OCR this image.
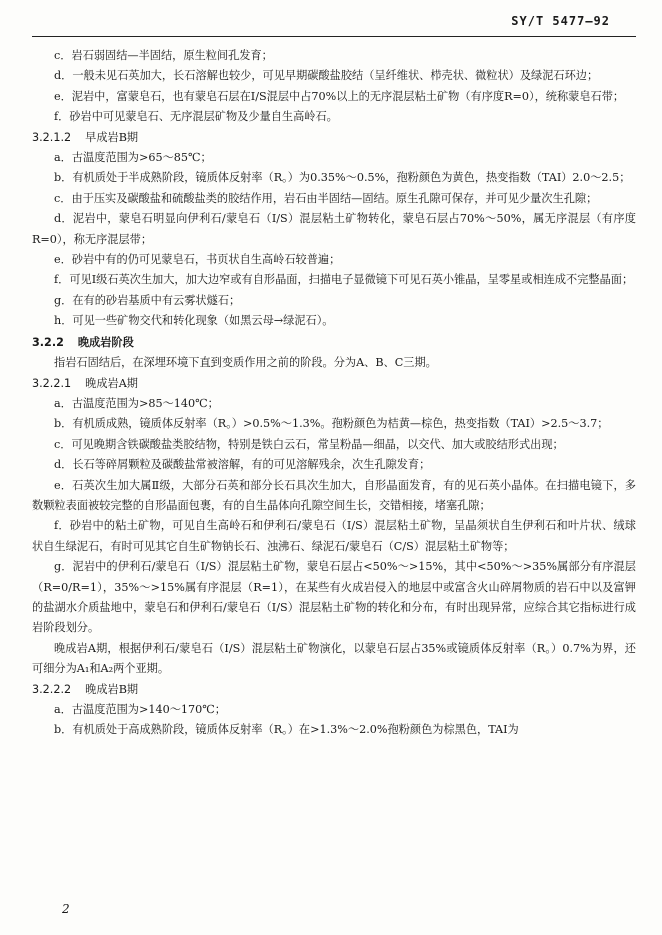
SY/T 5477—92

c．岩石弱固结—半固结，原生粒间孔发育；

d．一般未见石英加大，长石溶解也较少，可见早期碳酸盐胶结（呈纤维状、栉壳状、微粒状）及绿泥石环边；

e．泥岩中，富蒙皂石，也有蒙皂石层在I/S混层中占70%以上的无序混层粘土矿物（有序度R=0），统称蒙皂石带；

f．砂岩中可见蒙皂石、无序混层矿物及少量自生高岭石。

3.2.1.2 早成岩B期

a．古温度范围为>65～85℃；

b．有机质处于半成熟阶段，镜质体反射率（R。）为0.35%～0.5%，孢粉颜色为黄色，热变指数（TAI）2.0～2.5；

c．由于压实及碳酸盐和硫酸盐类的胶结作用，岩石由半固结—固结。原生孔隙可保存，并可见少量次生孔隙；

d．泥岩中，蒙皂石明显向伊利石/蒙皂石（I/S）混层粘土矿物转化，蒙皂石层占70%～50%，属无序混层（有序度R=0），称无序混层带；

e．砂岩中有的仍可见蒙皂石，书页状自生高岭石较普遍；

f．可见Ⅰ级石英次生加大，加大边窄或有自形晶面，扫描电子显微镜下可见石英小锥晶，呈零星或相连成不完整晶面；

g．在有的砂岩基质中有云雾状燧石；

h．可见一些矿物交代和转化现象（如黑云母→绿泥石）。

3.2.2 晚成岩阶段

指岩石固结后，在深埋环境下直到变质作用之前的阶段。分为A、B、C三期。

3.2.2.1 晚成岩A期

a．古温度范围为>85～140℃；

b．有机质成熟，镜质体反射率（R。）>0.5%～1.3%。孢粉颜色为桔黄—棕色，热变指数（TAI）>2.5～3.7；

c．可见晚期含铁碳酸盐类胶结物，特别是铁白云石，常呈粉晶—细晶，以交代、加大或胶结形式出现；

d．长石等碎屑颗粒及碳酸盐常被溶解，有的可见溶解残余，次生孔隙发育；

e．石英次生加大属Ⅱ级，大部分石英和部分长石具次生加大，自形晶面发育，有的见石英小晶体。在扫描电镜下，多数颗粒表面被较完整的自形晶面包裹，有的自生晶体向孔隙空间生长，交错相接，堵塞孔隙；

f．砂岩中的粘土矿物，可见自生高岭石和伊利石/蒙皂石（I/S）混层粘土矿物，呈晶须状自生伊利石和叶片状、绒球状自生绿泥石，有时可见其它自生矿物钠长石、浊沸石、绿泥石/蒙皂石（C/S）混层粘土矿物等；

g．泥岩中的伊利石/蒙皂石（I/S）混层粘土矿物，蒙皂石层占<50%～>15%，其中<50%～>35%属部分有序混层（R=0/R=1），35%～>15%属有序混层（R=1），在某些有火成岩侵入的地层中或富含火山碎屑物质的岩石中以及富钾的盐湖水介质盐地中，蒙皂石和伊利石/蒙皂石（I/S）混层粘土矿物的转化和分布，有时出现异常，应综合其它指标进行成岩阶段划分。

晚成岩A期，根据伊利石/蒙皂石（I/S）混层粘土矿物演化，以蒙皂石层占35%或镜质体反射率（R。）0.7%为界，还可细分为A₁和A₂两个亚期。

3.2.2.2 晚成岩B期

a．古温度范围为>140～170℃；

b．有机质处于高成熟阶段，镜质体反射率（R。）在>1.3%～2.0%孢粉颜色为棕黑色，TAI为

2
